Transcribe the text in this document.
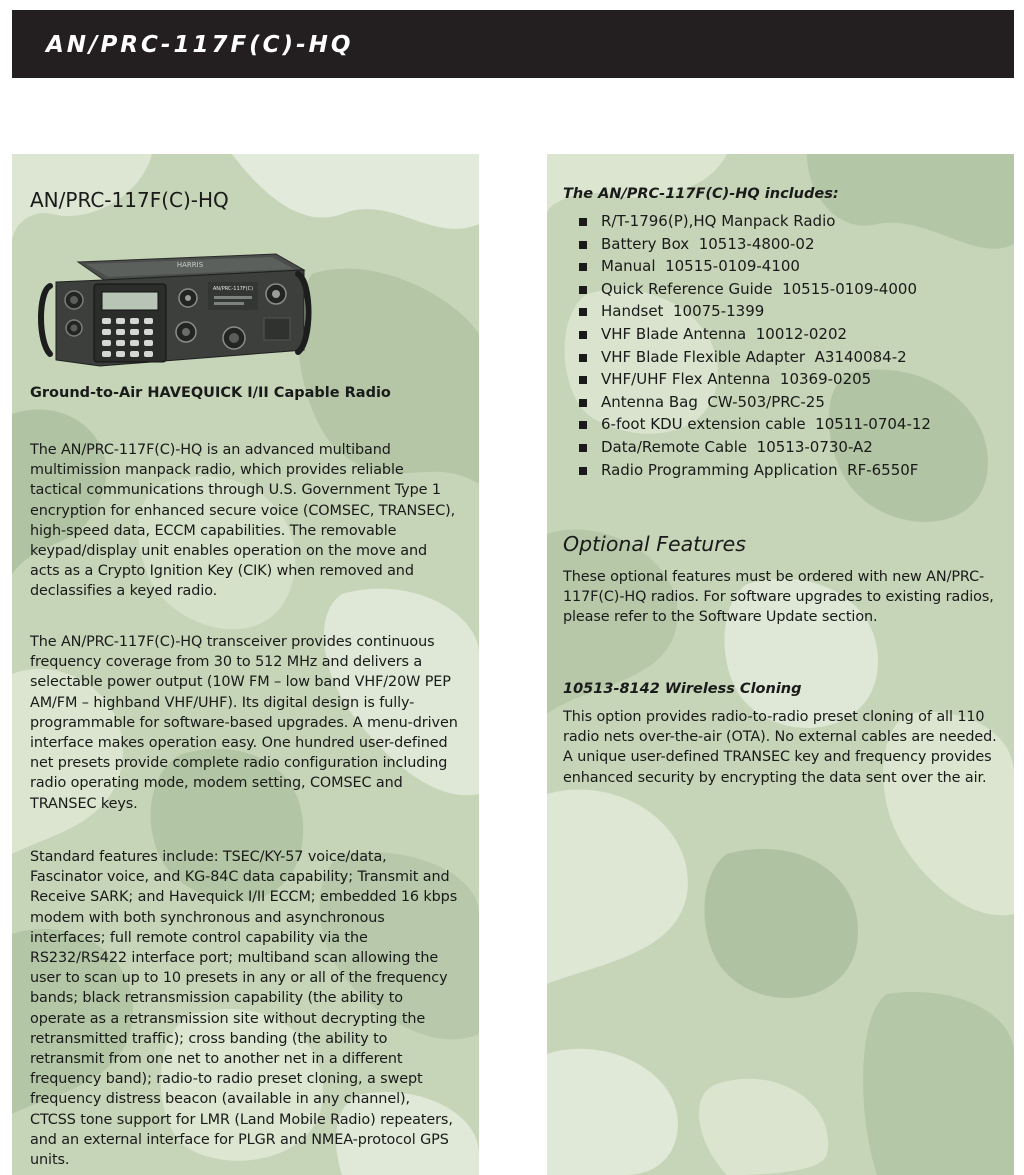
AN/PRC-117F(C)-HQ
AN/PRC-117F(C)-HQ
HARRIS
AN/PRC-117F(C)
Ground-to-Air HAVEQUICK I/II Capable Radio

The AN/PRC-117F(C)-HQ is an advanced multiband multimission manpack radio, which provides reliable tactical communications through U.S. Government Type 1 encryption for enhanced secure voice (COMSEC, TRANSEC), high-speed data, ECCM capabilities. The removable keypad/display unit enables operation on the move and acts as a Crypto Ignition Key (CIK) when removed and declassifies a keyed radio.

The AN/PRC-117F(C)-HQ transceiver provides continuous frequency coverage from 30 to 512 MHz and delivers a selectable power output (10W FM – low band VHF/20W PEP AM/FM – highband VHF/UHF). Its digital design is fully-programmable for software-based upgrades. A menu-driven interface makes operation easy. One hundred user-defined net presets provide complete radio configuration including radio operating mode, modem setting, COMSEC and TRANSEC keys.

Standard features include: TSEC/KY-57 voice/data, Fascinator voice, and KG-84C data capability; Transmit and Receive SARK; and Havequick I/II ECCM; embedded 16 kbps modem with both synchronous and asynchronous interfaces; full remote control capability via the RS232/RS422 interface port; multiband scan allowing the user to scan up to 10 presets in any or all of the frequency bands; black retransmission capability (the ability to operate as a retransmission site without decrypting the retransmitted traffic); cross banding (the ability to retransmit from one net to another net in a different frequency band); radio-to radio preset cloning, a swept frequency distress beacon (available in any channel), CTCSS tone support for LMR (Land Mobile Radio) repeaters, and an external interface for PLGR and NMEA-protocol GPS units.

The AN/PRC-117F(C)-HQ includes:
R/T-1796(P),HQ Manpack Radio
Battery Box 10513-4800-02
Manual 10515-0109-4100
Quick Reference Guide 10515-0109-4000
Handset 10075-1399
VHF Blade Antenna 10012-0202
VHF Blade Flexible Adapter A3140084-2
VHF/UHF Flex Antenna 10369-0205
Antenna Bag CW-503/PRC-25
6-foot KDU extension cable 10511-0704-12
Data/Remote Cable 10513-0730-A2
Radio Programming Application RF-6550F
Optional Features

These optional features must be ordered with new AN/PRC-117F(C)-HQ radios. For software upgrades to existing radios, please refer to the Software Update section.

10513-8142 Wireless Cloning

This option provides radio-to-radio preset cloning of all 110 radio nets over-the-air (OTA). No external cables are needed. A unique user-defined TRANSEC key and frequency provides enhanced security by encrypting the data sent over the air.
